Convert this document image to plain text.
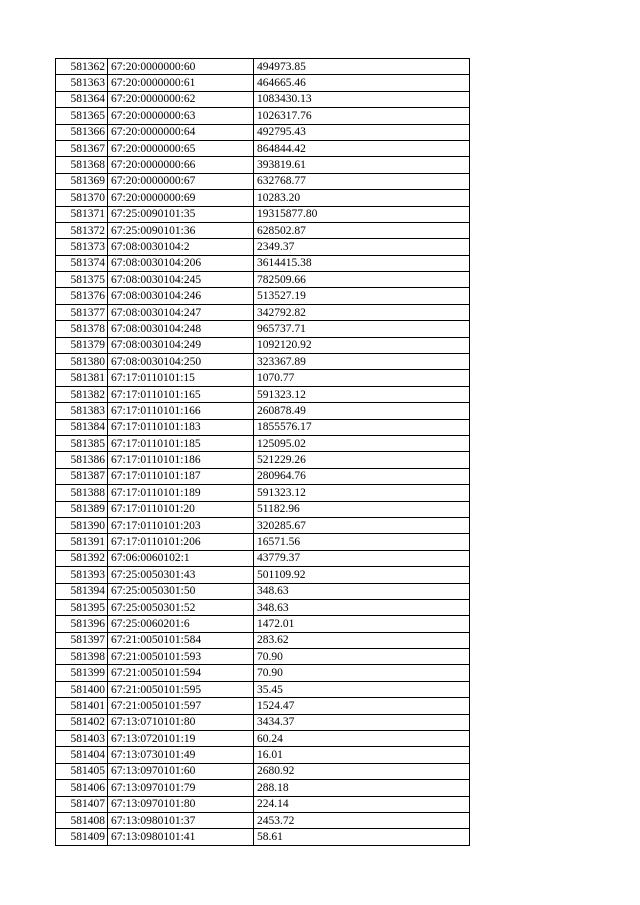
581362	67:20:0000000:60	494973.85
581363	67:20:0000000:61	464665.46
581364	67:20:0000000:62	1083430.13
581365	67:20:0000000:63	1026317.76
581366	67:20:0000000:64	492795.43
581367	67:20:0000000:65	864844.42
581368	67:20:0000000:66	393819.61
581369	67:20:0000000:67	632768.77
581370	67:20:0000000:69	10283.20
581371	67:25:0090101:35	19315877.80
581372	67:25:0090101:36	628502.87
581373	67:08:0030104:2	2349.37
581374	67:08:0030104:206	3614415.38
581375	67:08:0030104:245	782509.66
581376	67:08:0030104:246	513527.19
581377	67:08:0030104:247	342792.82
581378	67:08:0030104:248	965737.71
581379	67:08:0030104:249	1092120.92
581380	67:08:0030104:250	323367.89
581381	67:17:0110101:15	1070.77
581382	67:17:0110101:165	591323.12
581383	67:17:0110101:166	260878.49
581384	67:17:0110101:183	1855576.17
581385	67:17:0110101:185	125095.02
581386	67:17:0110101:186	521229.26
581387	67:17:0110101:187	280964.76
581388	67:17:0110101:189	591323.12
581389	67:17:0110101:20	51182.96
581390	67:17:0110101:203	320285.67
581391	67:17:0110101:206	16571.56
581392	67:06:0060102:1	43779.37
581393	67:25:0050301:43	501109.92
581394	67:25:0050301:50	348.63
581395	67:25:0050301:52	348.63
581396	67:25:0060201:6	1472.01
581397	67:21:0050101:584	283.62
581398	67:21:0050101:593	70.90
581399	67:21:0050101:594	70.90
581400	67:21:0050101:595	35.45
581401	67:21:0050101:597	1524.47
581402	67:13:0710101:80	3434.37
581403	67:13:0720101:19	60.24
581404	67:13:0730101:49	16.01
581405	67:13:0970101:60	2680.92
581406	67:13:0970101:79	288.18
581407	67:13:0970101:80	224.14
581408	67:13:0980101:37	2453.72
581409	67:13:0980101:41	58.61
